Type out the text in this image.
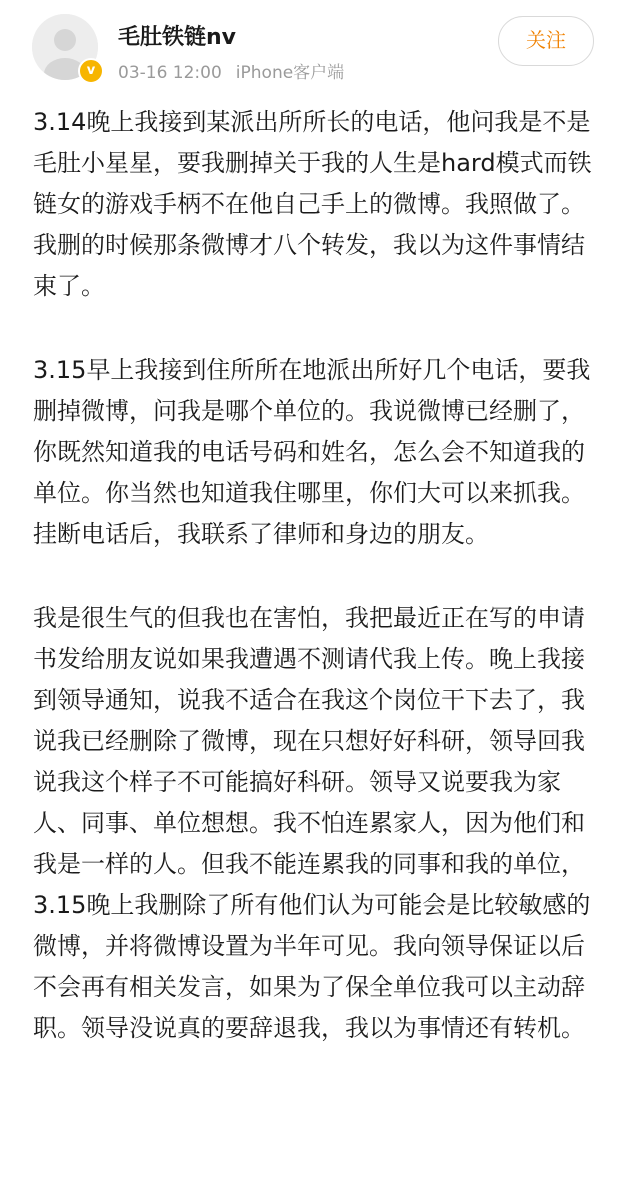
v
毛肚铁链nv
03-16 12:00 iPhone客户端
关注

3.14晚上我接到某派出所所长的电话，他问我是不是毛肚小星星，要我删掉关于我的人生是hard模式而铁链女的游戏手柄不在他自己手上的微博。我照做了。我删的时候那条微博才八个转发，我以为这件事情结束了。

3.15早上我接到住所所在地派出所好几个电话，要我删掉微博，问我是哪个单位的。我说微博已经删了，你既然知道我的电话号码和姓名，怎么会不知道我的单位。你当然也知道我住哪里，你们大可以来抓我。挂断电话后，我联系了律师和身边的朋友。

我是很生气的但我也在害怕，我把最近正在写的申请书发给朋友说如果我遭遇不测请代我上传。晚上我接到领导通知，说我不适合在我这个岗位干下去了，我说我已经删除了微博，现在只想好好科研，领导回我说我这个样子不可能搞好科研。领导又说要我为家人、同事、单位想想。我不怕连累家人，因为他们和我是一样的人。但我不能连累我的同事和我的单位，3.15晚上我删除了所有他们认为可能会是比较敏感的微博，并将微博设置为半年可见。我向领导保证以后不会再有相关发言，如果为了保全单位我可以主动辞职。领导没说真的要辞退我，我以为事情还有转机。
